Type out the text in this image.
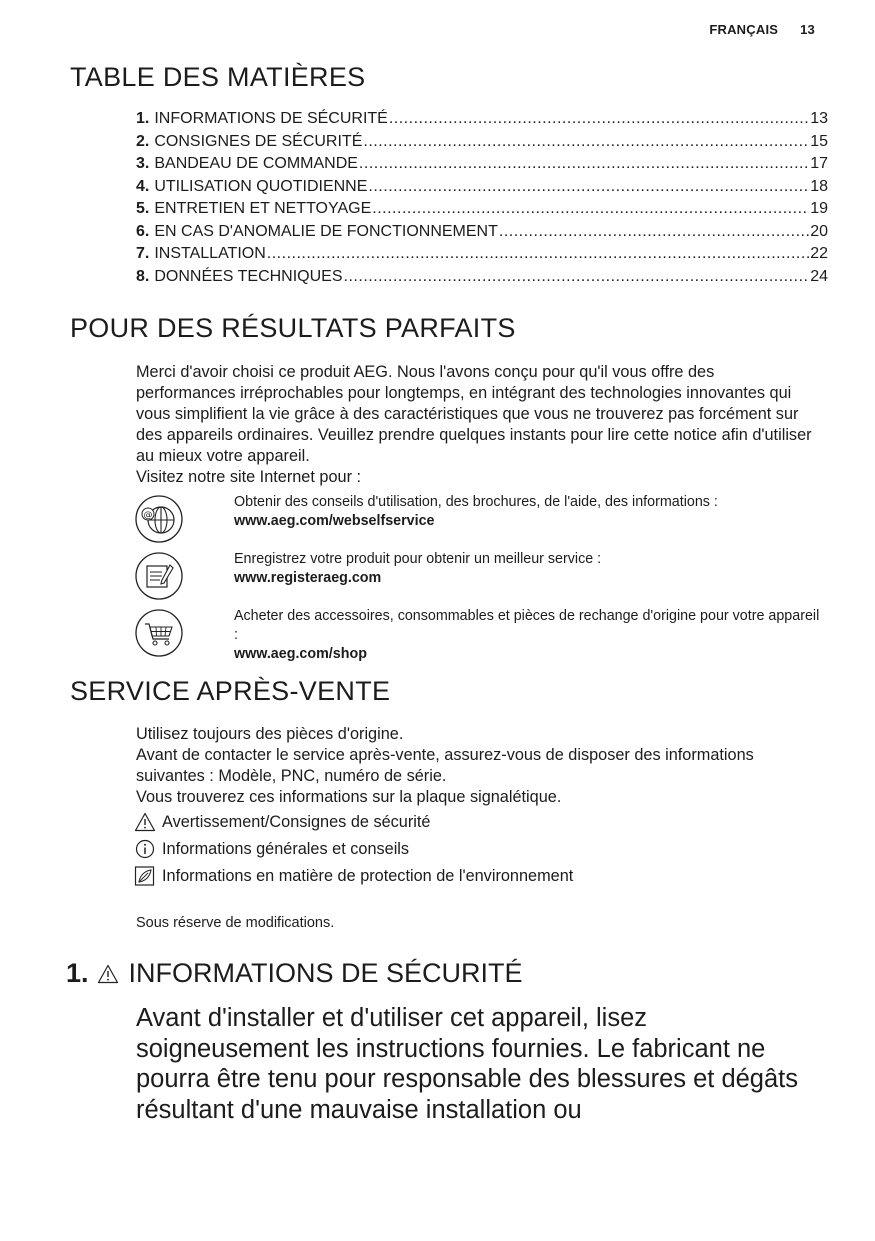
FRANÇAIS 13
TABLE DES MATIÈRES
1. INFORMATIONS DE SÉCURITÉ .....	13
2. CONSIGNES DE SÉCURITÉ .....	15
3. BANDEAU DE COMMANDE .....	17
4. UTILISATION QUOTIDIENNE .....	18
5. ENTRETIEN ET NETTOYAGE .....	19
6. EN CAS D'ANOMALIE DE FONCTIONNEMENT .....	20
7. INSTALLATION .....	22
8. DONNÉES TECHNIQUES .....	24
POUR DES RÉSULTATS PARFAITS

Merci d'avoir choisi ce produit AEG. Nous l'avons conçu pour qu'il vous offre des performances irréprochables pour longtemps, en intégrant des technologies innovantes qui vous simplifient la vie grâce à des caractéristiques que vous ne trouverez pas forcément sur des appareils ordinaires. Veuillez prendre quelques instants pour lire cette notice afin d'utiliser au mieux votre appareil.

Visitez notre site Internet pour :

@
Obtenir des conseils d'utilisation, des brochures, de l'aide, des informations :
www.aeg.com/webselfservice
Enregistrez votre produit pour obtenir un meilleur service :
www.registeraeg.com
Acheter des accessoires, consommables et pièces de rechange d'origine pour votre appareil :
www.aeg.com/shop
SERVICE APRÈS-VENTE

Utilisez toujours des pièces d'origine.

Avant de contacter le service après-vente, assurez-vous de disposer des informations suivantes : Modèle, PNC, numéro de série.

Vous trouverez ces informations sur la plaque signalétique.

Avertissement/Consignes de sécurité
Informations générales et conseils
Informations en matière de protection de l'environnement
Sous réserve de modifications.
1. INFORMATIONS DE SÉCURITÉ
Avant d'installer et d'utiliser cet appareil, lisez soigneusement les instructions fournies. Le fabricant ne pourra être tenu pour responsable des blessures et dégâts résultant d'une mauvaise installation ou
